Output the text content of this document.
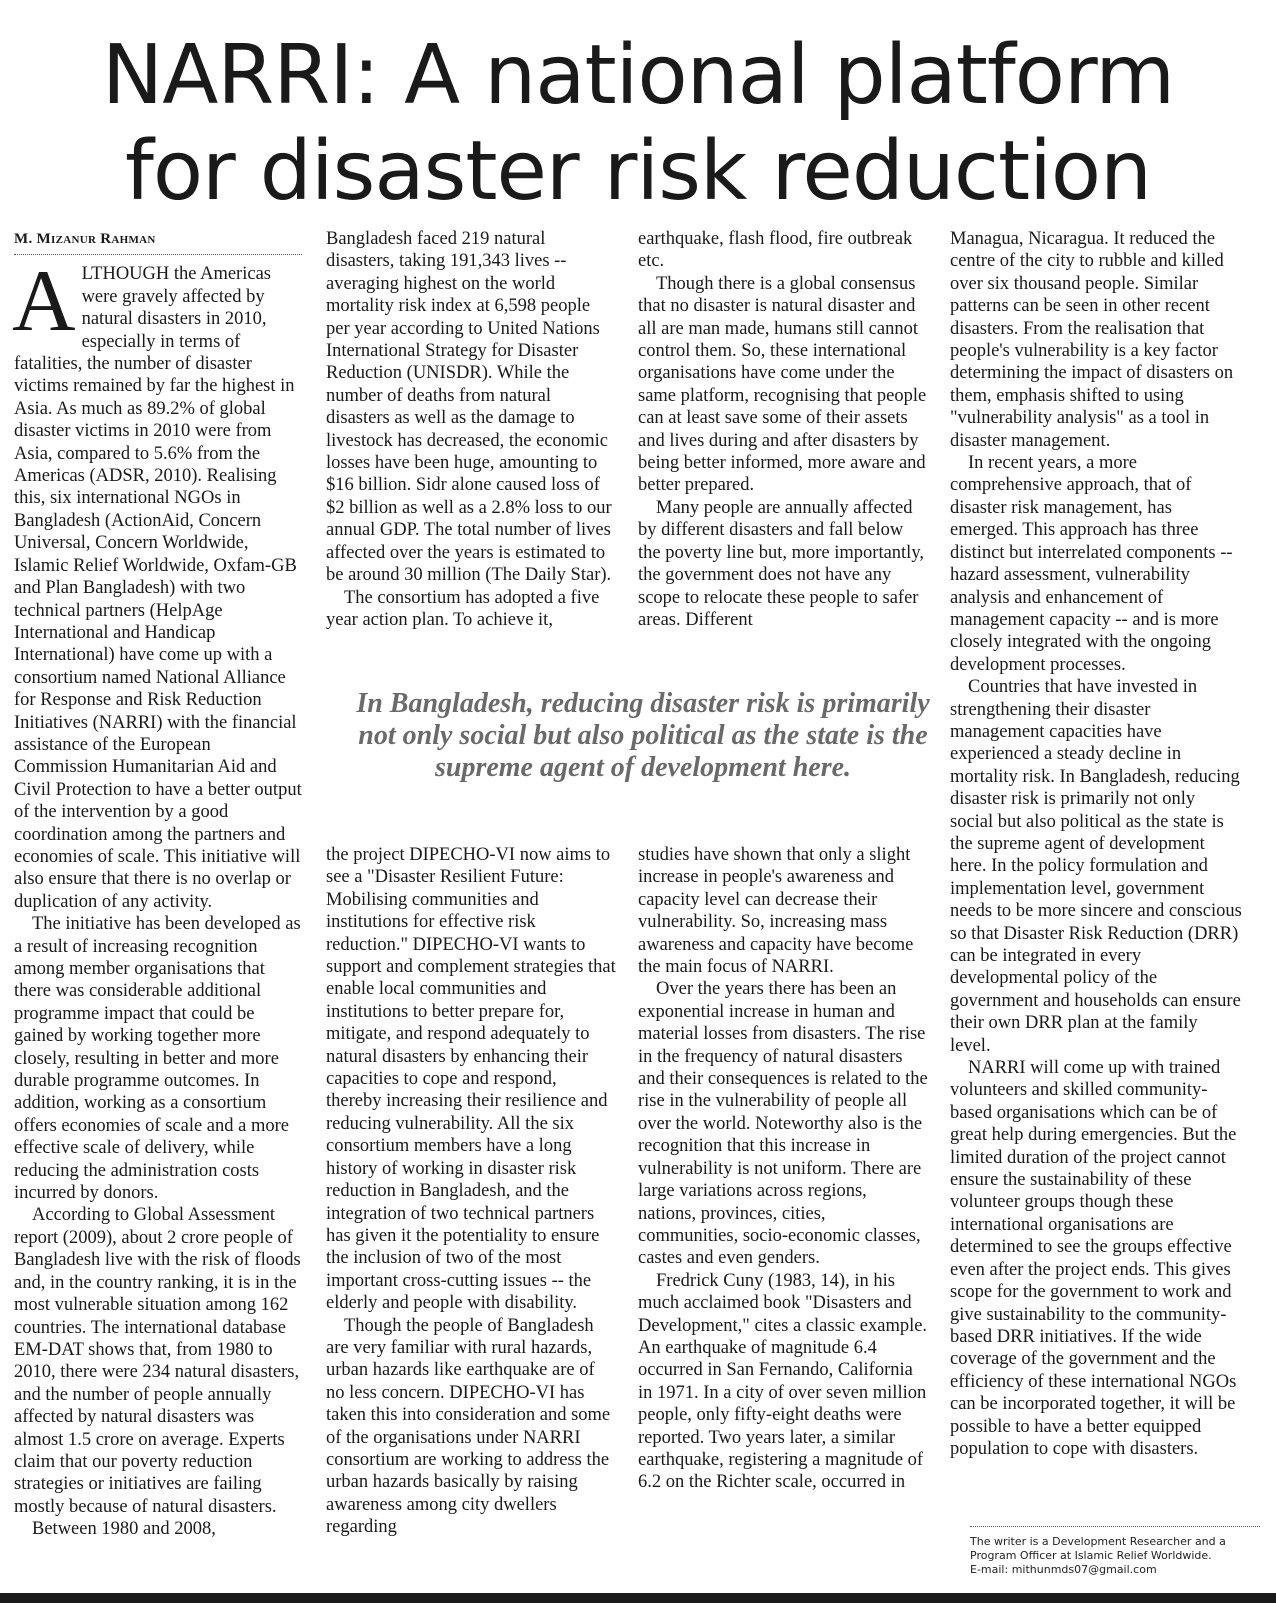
NARRI: A national platform
for disaster risk reduction
M. Mizanur Rahman

ALTHOUGH the Americas were gravely affected by natural disasters in 2010, especially in terms of fatalities, the number of disaster victims remained by far the highest in Asia. As much as 89.2% of global disaster victims in 2010 were from Asia, compared to 5.6% from the Americas (ADSR, 2010). Realising this, six international NGOs in Bangladesh (ActionAid, Concern Universal, Concern Worldwide, Islamic Relief Worldwide, Oxfam-GB and Plan Bangladesh) with two technical partners (HelpAge International and Handicap International) have come up with a consortium named National Alliance for Response and Risk Reduction Initiatives (NARRI) with the financial assistance of the European Commission Humanitarian Aid and Civil Protection to have a better output of the intervention by a good coordination among the partners and economies of scale. This initiative will also ensure that there is no overlap or duplication of any activity.

The initiative has been developed as a result of increasing recognition among member organisations that there was considerable additional programme impact that could be gained by working together more closely, resulting in better and more durable programme outcomes. In addition, working as a consortium offers economies of scale and a more effective scale of delivery, while reducing the administration costs incurred by donors.

According to Global Assessment report (2009), about 2 crore people of Bangladesh live with the risk of floods and, in the country ranking, it is in the most vulnerable situation among 162 countries. The international database EM-DAT shows that, from 1980 to 2010, there were 234 natural disasters, and the number of people annually affected by natural disasters was almost 1.5 crore on average. Experts claim that our poverty reduction strategies or initiatives are failing mostly because of natural disasters.

Between 1980 and 2008,

Bangladesh faced 219 natural disasters, taking 191,343 lives -- averaging highest on the world mortality risk index at 6,598 people per year according to United Nations International Strategy for Disaster Reduction (UNISDR). While the number of deaths from natural disasters as well as the damage to livestock has decreased, the economic losses have been huge, amounting to $16 billion. Sidr alone caused loss of $2 billion as well as a 2.8% loss to our annual GDP. The total number of lives affected over the years is estimated to be around 30 million (The Daily Star).

The consortium has adopted a five year action plan. To achieve it,

earthquake, flash flood, fire outbreak etc.

Though there is a global consensus that no disaster is natural disaster and all are man made, humans still cannot control them. So, these international organisations have come under the same platform, recognising that people can at least save some of their assets and lives during and after disasters by being better informed, more aware and better prepared.

Many people are annually affected by different disasters and fall below the poverty line but, more importantly, the government does not have any scope to relocate these people to safer areas. Different

In Bangladesh, reducing disaster risk is primarily not only social but also political as the state is the supreme agent of development here.

the project DIPECHO-VI now aims to see a "Disaster Resilient Future: Mobilising communities and institutions for effective risk reduction." DIPECHO-VI wants to support and complement strategies that enable local communities and institutions to better prepare for, mitigate, and respond adequately to natural disasters by enhancing their capacities to cope and respond, thereby increasing their resilience and reducing vulnerability. All the six consortium members have a long history of working in disaster risk reduction in Bangladesh, and the integration of two technical partners has given it the potentiality to ensure the inclusion of two of the most important cross-cutting issues -- the elderly and people with disability.

Though the people of Bangladesh are very familiar with rural hazards, urban hazards like earthquake are of no less concern. DIPECHO-VI has taken this into consideration and some of the organisations under NARRI consortium are working to address the urban hazards basically by raising awareness among city dwellers regarding

studies have shown that only a slight increase in people's awareness and capacity level can decrease their vulnerability. So, increasing mass awareness and capacity have become the main focus of NARRI.

Over the years there has been an exponential increase in human and material losses from disasters. The rise in the frequency of natural disasters and their consequences is related to the rise in the vulnerability of people all over the world. Noteworthy also is the recognition that this increase in vulnerability is not uniform. There are large variations across regions, nations, provinces, cities, communities, socio-economic classes, castes and even genders.

Fredrick Cuny (1983, 14), in his much acclaimed book "Disasters and Development," cites a classic example. An earthquake of magnitude 6.4 occurred in San Fernando, California in 1971. In a city of over seven million people, only fifty-eight deaths were reported. Two years later, a similar earthquake, registering a magnitude of 6.2 on the Richter scale, occurred in

Managua, Nicaragua. It reduced the centre of the city to rubble and killed over six thousand people. Similar patterns can be seen in other recent disasters. From the realisation that people's vulnerability is a key factor determining the impact of disasters on them, emphasis shifted to using "vulnerability analysis" as a tool in disaster management.

In recent years, a more comprehensive approach, that of disaster risk management, has emerged. This approach has three distinct but interrelated components -- hazard assessment, vulnerability analysis and enhancement of management capacity -- and is more closely integrated with the ongoing development processes.

Countries that have invested in strengthening their disaster management capacities have experienced a steady decline in mortality risk. In Bangladesh, reducing disaster risk is primarily not only social but also political as the state is the supreme agent of development here. In the policy formulation and implementation level, government needs to be more sincere and conscious so that Disaster Risk Reduction (DRR) can be integrated in every developmental policy of the government and households can ensure their own DRR plan at the family level.

NARRI will come up with trained volunteers and skilled community-based organisations which can be of great help during emergencies. But the limited duration of the project cannot ensure the sustainability of these volunteer groups though these international organisations are determined to see the groups effective even after the project ends. This gives scope for the government to work and give sustainability to the community-based DRR initiatives. If the wide coverage of the government and the efficiency of these international NGOs can be incorporated together, it will be possible to have a better equipped population to cope with disasters.

The writer is a Development Researcher and a Program Officer at Islamic Relief Worldwide.
E-mail: mithunmds07@gmail.com
